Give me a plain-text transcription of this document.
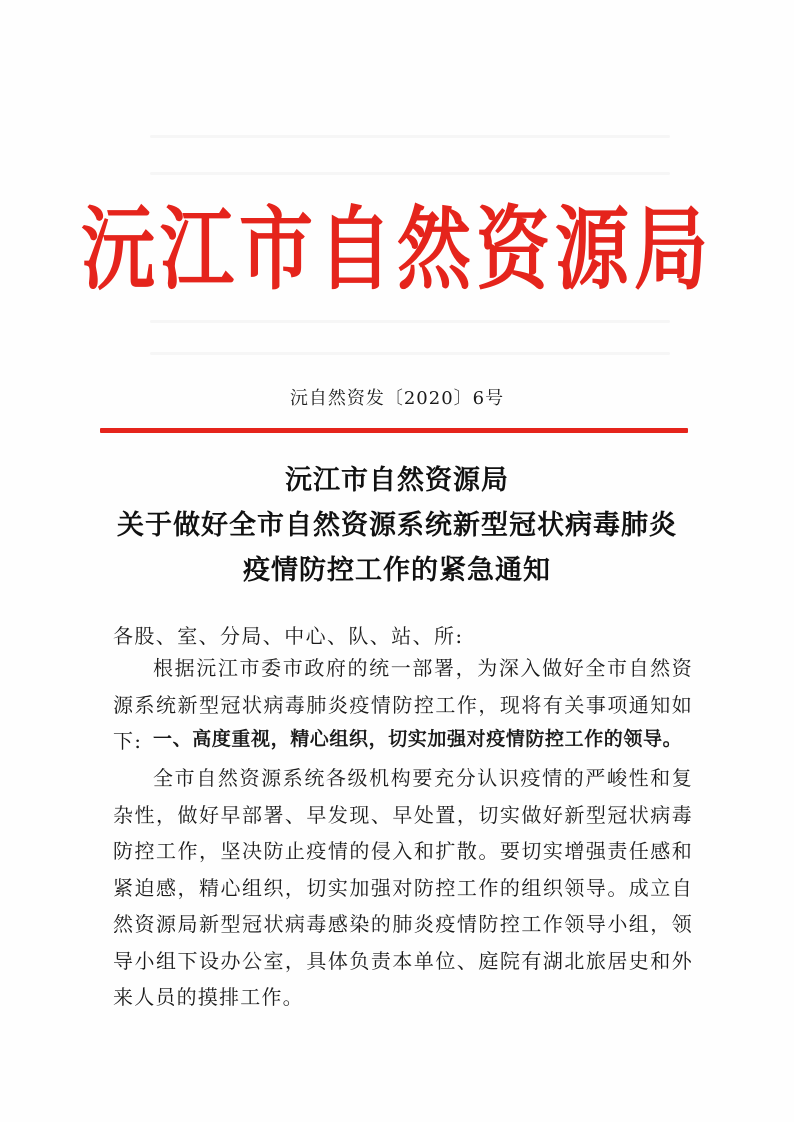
沅江市自然资源局
沅自然资发〔2020〕6号
沅江市自然资源局
关于做好全市自然资源系统新型冠状病毒肺炎
疫情防控工作的紧急通知
各股、室、分局、中心、队、站、所:
根据沅江市委市政府的统一部署，为深入做好全市自然资源系统新型冠状病毒肺炎疫情防控工作，现将有关事项通知如下: 一、高度重视，精心组织，切实加强对疫情防控工作的领导。
全市自然资源系统各级机构要充分认识疫情的严峻性和复杂性，做好早部署、早发现、早处置，切实做好新型冠状病毒防控工作，坚决防止疫情的侵入和扩散。要切实增强责任感和紧迫感，精心组织，切实加强对防控工作的组织领导。成立自然资源局新型冠状病毒感染的肺炎疫情防控工作领导小组，领导小组下设办公室，具体负责本单位、庭院有湖北旅居史和外来人员的摸排工作。
